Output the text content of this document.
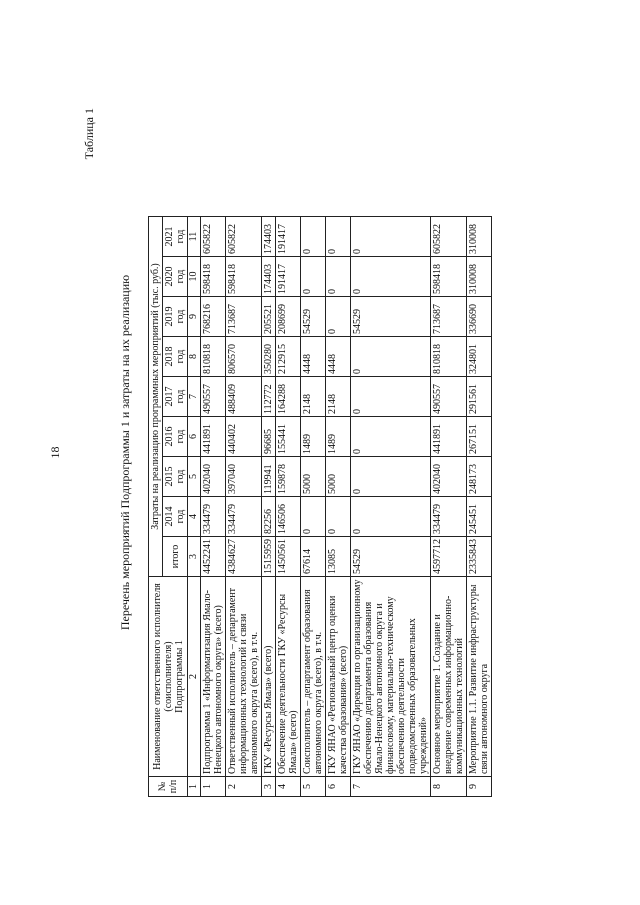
18
Таблица 1
Перечень мероприятий Подпрограммы 1 и затраты на их реализацию
№ п/п	Наименование ответственного исполнителя (соисполнителя) Подпрограммы 1	Затраты на реализацию программных мероприятий (тыс. руб.)								
		итого	2014 год	2015 год	2016 год	2017 год	2018 год	2019 год	2020 год	2021 год
1	2	3	4	5	6	7	8	9	10	11
1	Подпрограмма 1 «Информатизация Ямало-Ненецкого автономного округа» (всего)	4452241	334479	402040	441891	490557	810818	768216	598418	605822
2	Ответственный исполнитель – департамент информационных технологий и связи автономного округа (всего), в т.ч.	4384627	334479	397040	440402	488409	806570	713687	598418	605822
3	ГКУ «Ресурсы Ямала» (всего)	1515959	82256	119941	96685	112772	350280	205521	174403	174403
4	Обеспечение деятельности ГКУ «Ресурсы Ямала» (всего)	1450561	146506	159878	155441	164288	212915	208699	191417	191417
5	Соисполнитель – департамент образования автономного округа (всего), в т.ч.	67614	0	5000	1489	2148	4448	54529	0	0
6	ГКУ ЯНАО «Региональный центр оценки качества образования» (всего)	13085	0	5000	1489	2148	4448	0	0	0
7	ГКУ ЯНАО «Дирекция по организационному обеспечению департамента образования Ямало-Ненецкого автономного округа и финансовому, материально-техническому обеспечению деятельности подведомственных образовательных учреждений»	54529	0	0	0	0	0	54529	0	0
8	Основное мероприятие 1. Создание и внедрение современных информационно-коммуникационных технологий	4597712	334479	402040	441891	490557	810818	713687	598418	605822
9	Мероприятие 1.1. Развитие инфраструктуры связи автономного округа	2335843	245451	248173	267151	291561	324801	336690	310008	310008
